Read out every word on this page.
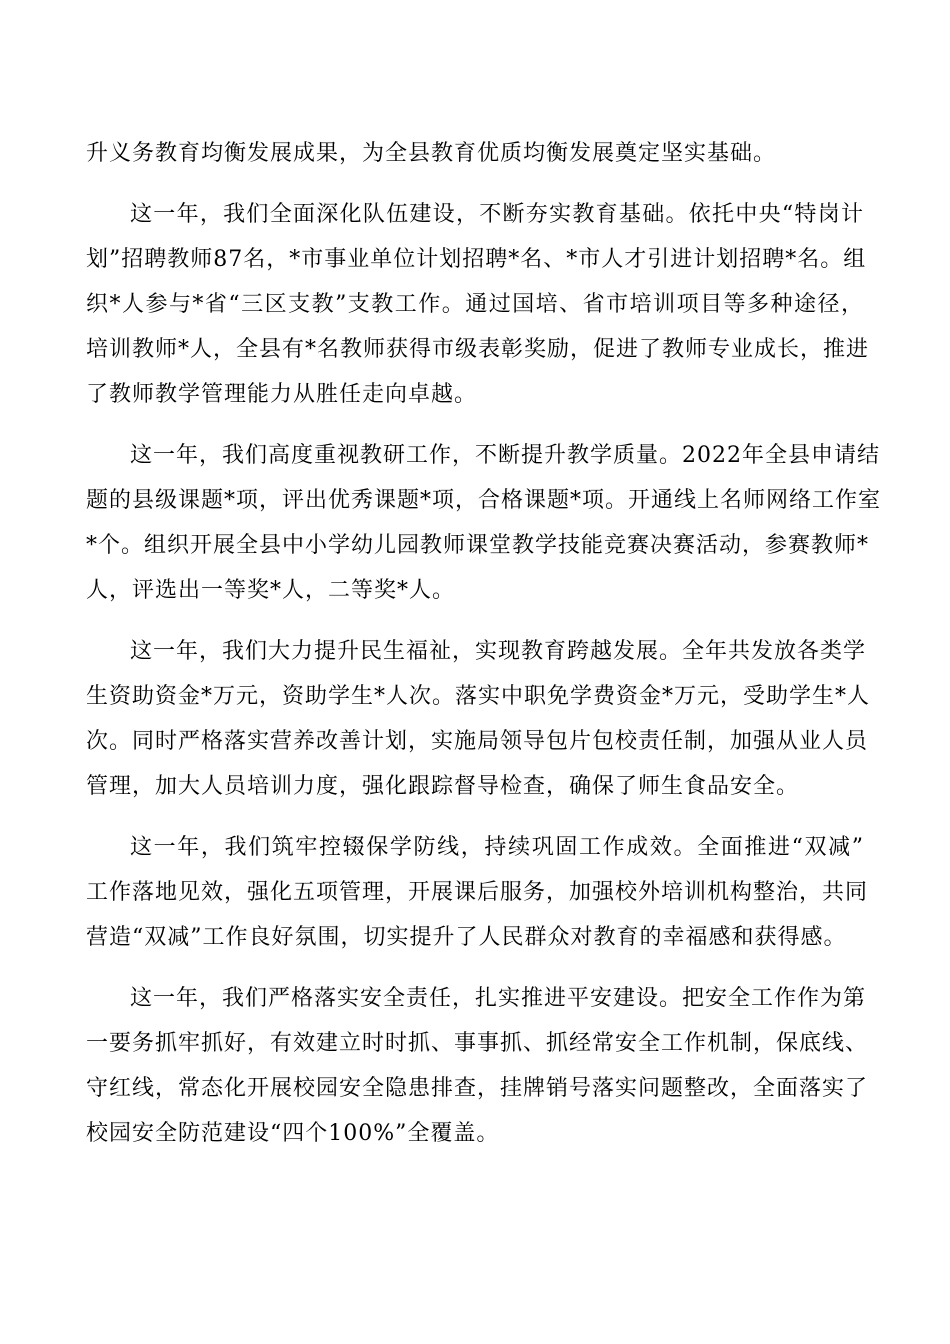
升义务教育均衡发展成果，为全县教育优质均衡发展奠定坚实基础。
这一年，我们全面深化队伍建设，不断夯实教育基础。依托中央“特岗计
划”招聘教师87名，*市事业单位计划招聘*名、*市人才引进计划招聘*名。组
织*人参与*省“三区支教”支教工作。通过国培、省市培训项目等多种途径，
培训教师*人，全县有*名教师获得市级表彰奖励，促进了教师专业成长，推进
了教师教学管理能力从胜任走向卓越。
这一年，我们高度重视教研工作，不断提升教学质量。2022年全县申请结
题的县级课题*项，评出优秀课题*项，合格课题*项。开通线上名师网络工作室
*个。组织开展全县中小学幼儿园教师课堂教学技能竞赛决赛活动，参赛教师*
人，评选出一等奖*人，二等奖*人。
这一年，我们大力提升民生福祉，实现教育跨越发展。全年共发放各类学
生资助资金*万元，资助学生*人次。落实中职免学费资金*万元，受助学生*人
次。同时严格落实营养改善计划，实施局领导包片包校责任制，加强从业人员
管理，加大人员培训力度，强化跟踪督导检查，确保了师生食品安全。
这一年，我们筑牢控辍保学防线，持续巩固工作成效。全面推进“双减”
工作落地见效，强化五项管理，开展课后服务，加强校外培训机构整治，共同
营造“双减”工作良好氛围，切实提升了人民群众对教育的幸福感和获得感。
这一年，我们严格落实安全责任，扎实推进平安建设。把安全工作作为第
一要务抓牢抓好，有效建立时时抓、事事抓、抓经常安全工作机制，保底线、
守红线，常态化开展校园安全隐患排查，挂牌销号落实问题整改，全面落实了
校园安全防范建设“四个100%”全覆盖。
